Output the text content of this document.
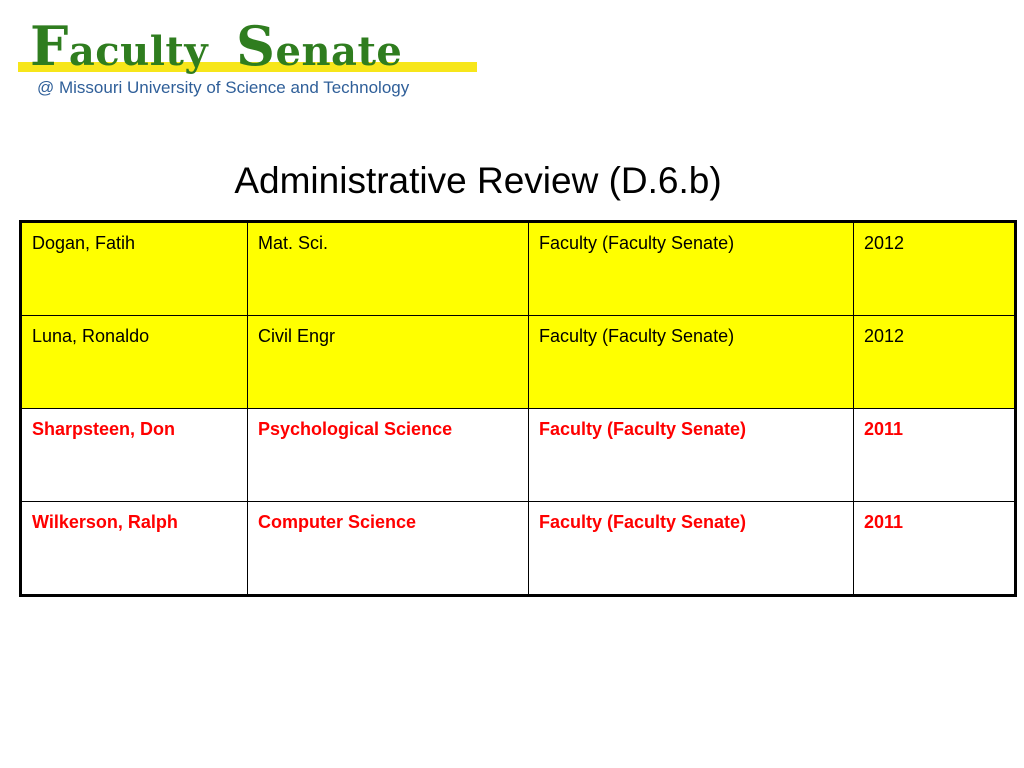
Faculty Senate
@ Missouri University of Science and Technology
Administrative Review (D.6.b)
Dogan, Fatih	Mat. Sci.	Faculty (Faculty Senate)	2012
Luna, Ronaldo	Civil Engr	Faculty (Faculty Senate)	2012
Sharpsteen, Don	Psychological Science	Faculty (Faculty Senate)	2011
Wilkerson, Ralph	Computer Science	Faculty (Faculty Senate)	2011
